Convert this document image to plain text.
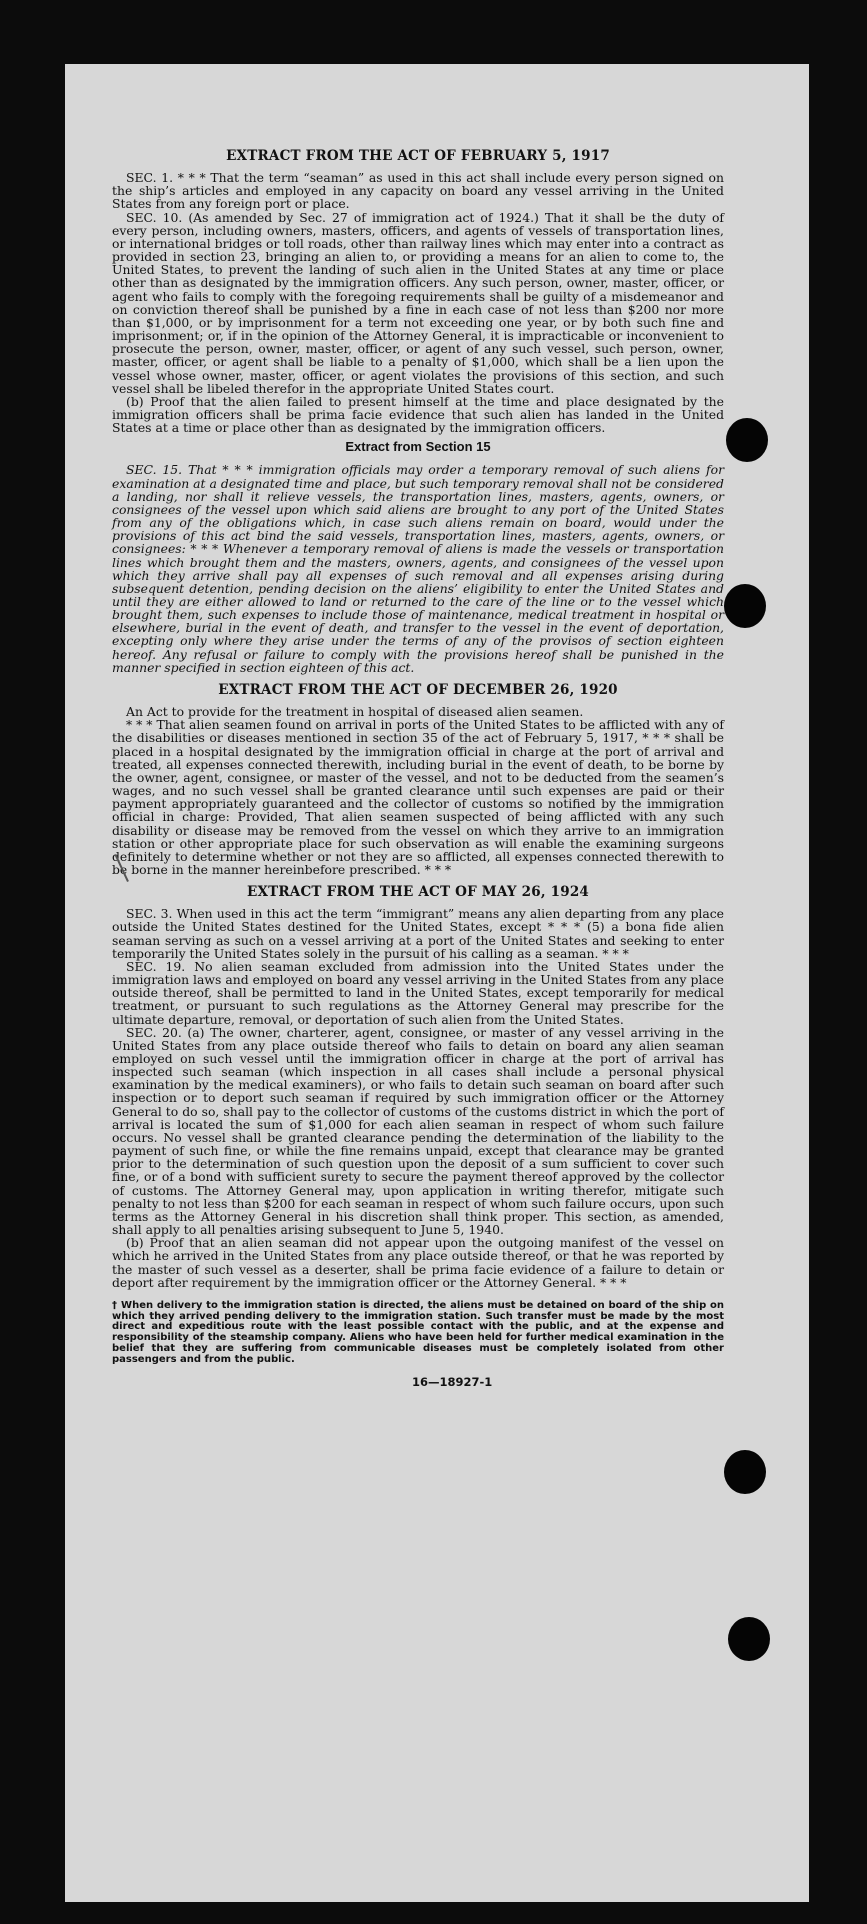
EXTRACT FROM THE ACT OF FEBRUARY 5, 1917

SEC. 1. * * * That the term “seaman” as used in this act shall include every person signed on the ship’s articles and employed in any capacity on board any vessel arriving in the United States from any foreign port or place.

SEC. 10. (As amended by Sec. 27 of immigration act of 1924.) That it shall be the duty of every person, including owners, masters, officers, and agents of vessels of transportation lines, or international bridges or toll roads, other than railway lines which may enter into a contract as provided in section 23, bringing an alien to, or providing a means for an alien to come to, the United States, to prevent the landing of such alien in the United States at any time or place other than as designated by the immigration officers. Any such person, owner, master, officer, or agent who fails to comply with the foregoing requirements shall be guilty of a misdemeanor and on conviction thereof shall be punished by a fine in each case of not less than $200 nor more than $1,000, or by imprisonment for a term not exceeding one year, or by both such fine and imprisonment; or, if in the opinion of the Attorney General, it is impracticable or inconvenient to prosecute the person, owner, master, officer, or agent of any such vessel, such person, owner, master, officer, or agent shall be liable to a penalty of $1,000, which shall be a lien upon the vessel whose owner, master, officer, or agent violates the provisions of this section, and such vessel shall be libeled therefor in the appropriate United States court.

(b) Proof that the alien failed to present himself at the time and place designated by the immigration officers shall be prima facie evidence that such alien has landed in the United States at a time or place other than as designated by the immigration officers.

Extract from Section 15

SEC. 15. That * * * immigration officials may order a temporary removal of such aliens for examination at a designated time and place, but such temporary removal shall not be considered a landing, nor shall it relieve vessels, the transportation lines, masters, agents, owners, or consignees of the vessel upon which said aliens are brought to any port of the United States from any of the obligations which, in case such aliens remain on board, would under the provisions of this act bind the said vessels, transportation lines, masters, agents, owners, or consignees: * * * Whenever a temporary removal of aliens is made the vessels or transportation lines which brought them and the masters, owners, agents, and consignees of the vessel upon which they arrive shall pay all expenses of such removal and all expenses arising during subsequent detention, pending decision on the aliens’ eligibility to enter the United States and until they are either allowed to land or returned to the care of the line or to the vessel which brought them, such expenses to include those of maintenance, medical treatment in hospital or elsewhere, burial in the event of death, and transfer to the vessel in the event of deportation, excepting only where they arise under the terms of any of the provisos of section eighteen hereof. Any refusal or failure to comply with the provisions hereof shall be punished in the manner specified in section eighteen of this act.

EXTRACT FROM THE ACT OF DECEMBER 26, 1920

An Act to provide for the treatment in hospital of diseased alien seamen.

* * * That alien seamen found on arrival in ports of the United States to be afflicted with any of the disabilities or diseases mentioned in section 35 of the act of February 5, 1917, * * * shall be placed in a hospital designated by the immigration official in charge at the port of arrival and treated, all expenses connected therewith, including burial in the event of death, to be borne by the owner, agent, consignee, or master of the vessel, and not to be deducted from the seamen’s wages, and no such vessel shall be granted clearance until such expenses are paid or their payment appropriately guaranteed and the collector of customs so notified by the immigration official in charge: Provided, That alien seamen suspected of being afflicted with any such disability or disease may be removed from the vessel on which they arrive to an immigration station or other appropriate place for such observation as will enable the examining surgeons definitely to determine whether or not they are so afflicted, all expenses connected therewith to be borne in the manner hereinbefore prescribed. * * *

EXTRACT FROM THE ACT OF MAY 26, 1924

SEC. 3. When used in this act the term “immigrant” means any alien departing from any place outside the United States destined for the United States, except * * * (5) a bona fide alien seaman serving as such on a vessel arriving at a port of the United States and seeking to enter temporarily the United States solely in the pursuit of his calling as a seaman. * * *

SEC. 19. No alien seaman excluded from admission into the United States under the immigration laws and employed on board any vessel arriving in the United States from any place outside thereof, shall be permitted to land in the United States, except temporarily for medical treatment, or pursuant to such regulations as the Attorney General may prescribe for the ultimate departure, removal, or deportation of such alien from the United States.

SEC. 20. (a) The owner, charterer, agent, consignee, or master of any vessel arriving in the United States from any place outside thereof who fails to detain on board any alien seaman employed on such vessel until the immigration officer in charge at the port of arrival has inspected such seaman (which inspection in all cases shall include a personal physical examination by the medical examiners), or who fails to detain such seaman on board after such inspection or to deport such seaman if required by such immigration officer or the Attorney General to do so, shall pay to the collector of customs of the customs district in which the port of arrival is located the sum of $1,000 for each alien seaman in respect of whom such failure occurs. No vessel shall be granted clearance pending the determination of the liability to the payment of such fine, or while the fine remains unpaid, except that clearance may be granted prior to the determination of such question upon the deposit of a sum sufficient to cover such fine, or of a bond with sufficient surety to secure the payment thereof approved by the collector of customs. The Attorney General may, upon application in writing therefor, mitigate such penalty to not less than $200 for each seaman in respect of whom such failure occurs, upon such terms as the Attorney General in his discretion shall think proper. This section, as amended, shall apply to all penalties arising subsequent to June 5, 1940.

(b) Proof that an alien seaman did not appear upon the outgoing manifest of the vessel on which he arrived in the United States from any place outside thereof, or that he was reported by the master of such vessel as a deserter, shall be prima facie evidence of a failure to detain or deport after requirement by the immigration officer or the Attorney General. * * *

† When delivery to the immigration station is directed, the aliens must be detained on board of the ship on which they arrived pending delivery to the immigration station. Such transfer must be made by the most direct and expeditious route with the least possible contact with the public, and at the expense and responsibility of the steamship company. Aliens who have been held for further medical examination in the belief that they are suffering from communicable diseases must be completely isolated from other passengers and from the public.
16—18927-1
